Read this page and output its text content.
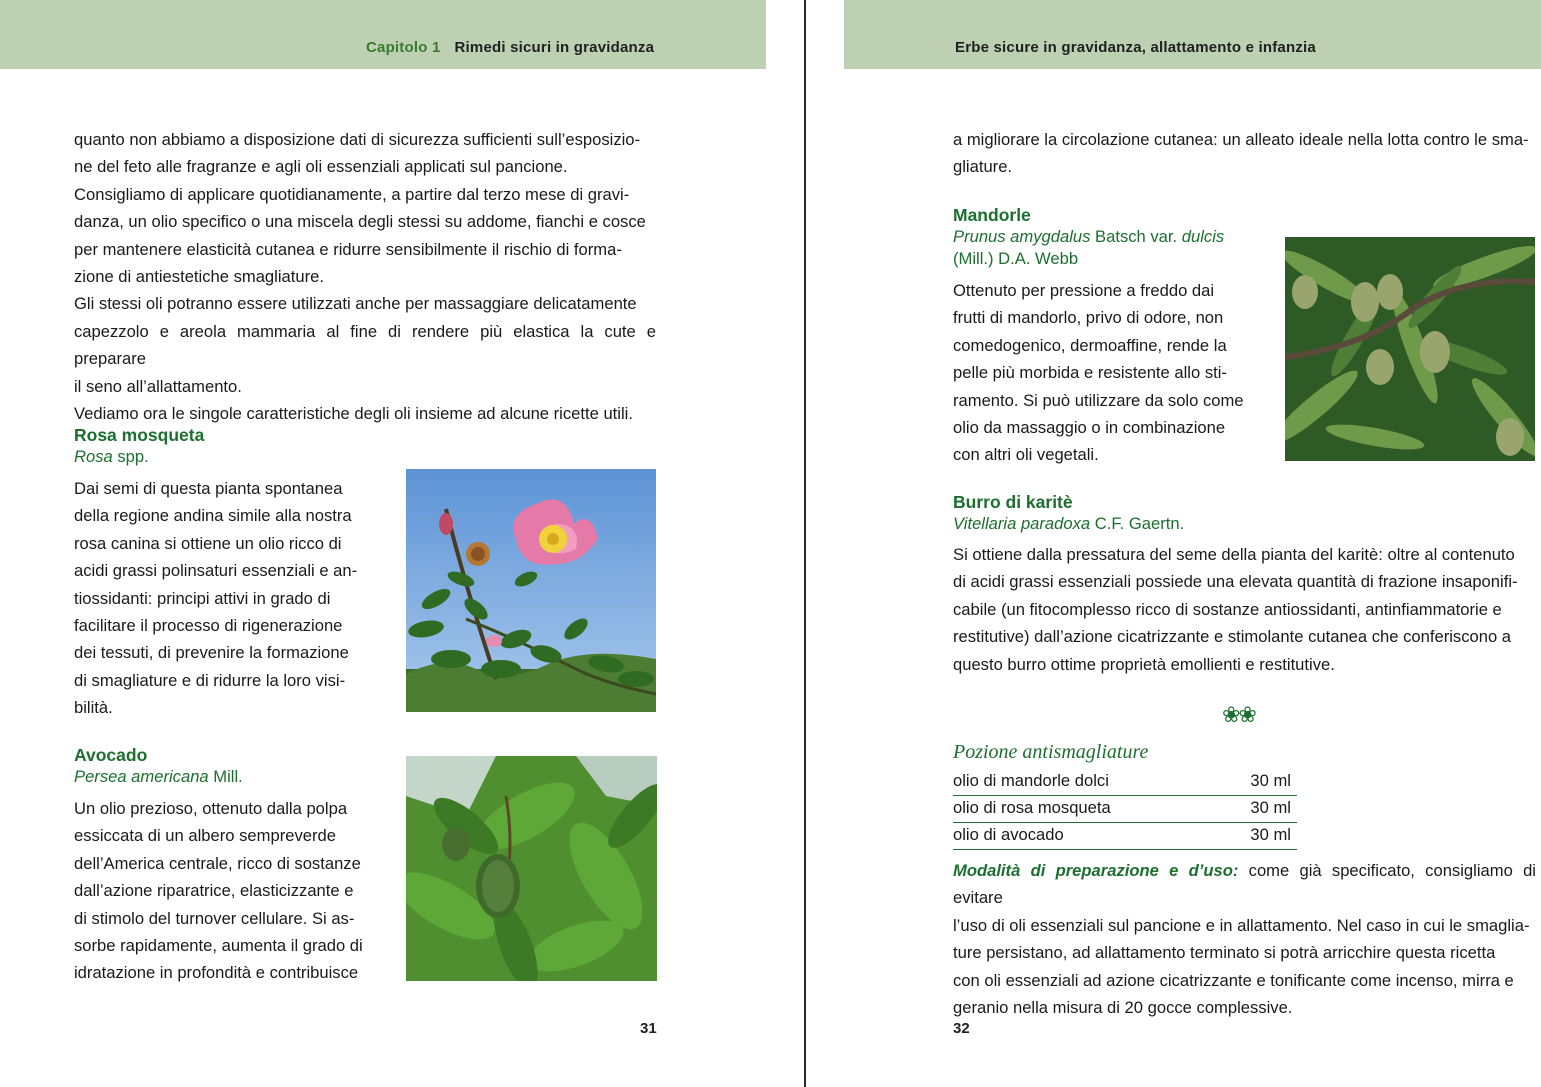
Capitolo 1 Rimedi sicuri in gravidanza	Erbe sicure in gravidanza, allattamento e infanzia

quanto non abbiamo a disposizione dati di sicurezza sufficienti sull’esposizio-

ne del feto alle fragranze e agli oli essenziali applicati sul pancione.

Consigliamo di applicare quotidianamente, a partire dal terzo mese di gravi-

danza, un olio specifico o una miscela degli stessi su addome, fianchi e cosce

per mantenere elasticità cutanea e ridurre sensibilmente il rischio di forma-

zione di antiestetiche smagliature.

Gli stessi oli potranno essere utilizzati anche per massaggiare delicatamente

capezzolo e areola mammaria al fine di rendere più elastica la cute e preparare

il seno all’allattamento.

Vediamo ora le singole caratteristiche degli oli insieme ad alcune ricette utili.

Rosa mosqueta

Rosa spp.

Dai semi di questa pianta spontanea

della regione andina simile alla nostra

rosa canina si ottiene un olio ricco di

acidi grassi polinsaturi essenziali e an-

tiossidanti: principi attivi in grado di

facilitare il processo di rigenerazione

dei tessuti, di prevenire la formazione

di smagliature e di ridurre la loro visi-

bilità.

Avocado

Persea americana Mill.

Un olio prezioso, ottenuto dalla polpa

essiccata di un albero sempreverde

dell’America centrale, ricco di sostanze

dall’azione riparatrice, elasticizzante e

di stimolo del turnover cellulare. Si as-

sorbe rapidamente, aumenta il grado di

idratazione in profondità e contribuisce

31

a migliorare la circolazione cutanea: un alleato ideale nella lotta contro le sma-

gliature.

Mandorle

Prunus amygdalus Batsch var. dulcis

(Mill.) D.A. Webb

Ottenuto per pressione a freddo dai

frutti di mandorlo, privo di odore, non

comedogenico, dermoaffine, rende la

pelle più morbida e resistente allo sti-

ramento. Si può utilizzare da solo come

olio da massaggio o in combinazione

con altri oli vegetali.

Burro di karitè

Vitellaria paradoxa C.F. Gaertn.

Si ottiene dalla pressatura del seme della pianta del karitè: oltre al contenuto

di acidi grassi essenziali possiede una elevata quantità di frazione insaponifi-

cabile (un fitocomplesso ricco di sostanze antiossidanti, antinfiammatorie e

restitutive) dall’azione cicatrizzante e stimolante cutanea che conferiscono a

questo burro ottime proprietà emollienti e restitutive.

❀❀
Pozione antismagliature
olio di mandorle dolci	30 ml
olio di rosa mosqueta	30 ml
olio di avocado	30 ml

Modalità di preparazione e d’uso: come già specificato, consigliamo di evitare

l’uso di oli essenziali sul pancione e in allattamento. Nel caso in cui le smaglia-

ture persistano, ad allattamento terminato si potrà arricchire questa ricetta

con oli essenziali ad azione cicatrizzante e tonificante come incenso, mirra e

geranio nella misura di 20 gocce complessive.

32
